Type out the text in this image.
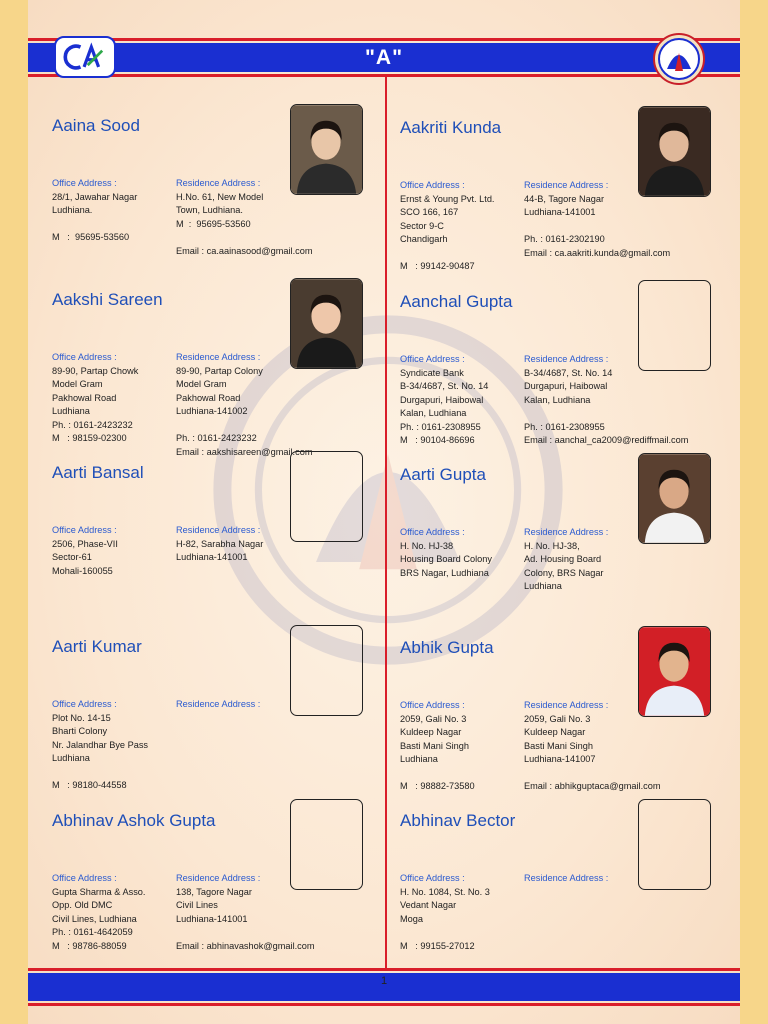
"A"
Aaina Sood

Office Address :
28/1, Jawahar Nagar
Ludhiana.

M   :  95695-53560

Residence Address :
H.No. 61, New Model
Town, Ludhiana.
M  :  95695-53560

Email : ca.aainasood@gmail.com

Aakriti Kunda

Office Address :
Ernst & Young Pvt. Ltd.
SCO 166, 167
Sector 9-C
Chandigarh

M   : 99142-90487

Residence Address :
44-B, Tagore Nagar
Ludhiana-141001

Ph. : 0161-2302190
Email : ca.aakriti.kunda@gmail.com

Aakshi Sareen

Office Address :
89-90, Partap Chowk
Model Gram
Pakhowal Road
Ludhiana
Ph. : 0161-2423232
M   : 98159-02300

Residence Address :
89-90, Partap Colony
Model Gram
Pakhowal Road
Ludhiana-141002

Ph. : 0161-2423232
Email : aakshisareen@gmail.com

Aanchal Gupta

Office Address :
Syndicate Bank
B-34/4687, St. No. 14
Durgapuri, Haibowal
Kalan, Ludhiana
Ph. : 0161-2308955
M   : 90104-86696

Residence Address :
B-34/4687, St. No. 14
Durgapuri, Haibowal
Kalan, Ludhiana

Ph. : 0161-2308955
Email : aanchal_ca2009@rediffmail.com

Aarti Bansal

Office Address :
2506, Phase-VII
Sector-61
Mohali-160055

Residence Address :
H-82, Sarabha Nagar
Ludhiana-141001

Aarti Gupta

Office Address :
H. No. HJ-38
Housing Board Colony
BRS Nagar, Ludhiana

Residence Address :
H. No. HJ-38,
Ad. Housing Board
Colony, BRS Nagar
Ludhiana

Aarti Kumar

Office Address :
Plot No. 14-15
Bharti Colony
Nr. Jalandhar Bye Pass
Ludhiana

M   : 98180-44558

Residence Address :

Abhik Gupta

Office Address :
2059, Gali No. 3
Kuldeep Nagar
Basti Mani Singh
Ludhiana

M   : 98882-73580

Residence Address :
2059, Gali No. 3
Kuldeep Nagar
Basti Mani Singh
Ludhiana-141007

Email : abhikguptaca@gmail.com

Abhinav Ashok Gupta

Office Address :
Gupta Sharma & Asso.
Opp. Old DMC
Civil Lines, Ludhiana
Ph. : 0161-4642059
M   : 98786-88059

Residence Address :
138, Tagore Nagar
Civil Lines
Ludhiana-141001

Email : abhinavashok@gmail.com

Abhinav Bector

Office Address :
H. No. 1084, St. No. 3
Vedant Nagar
Moga

M   : 99155-27012

Residence Address :

1
